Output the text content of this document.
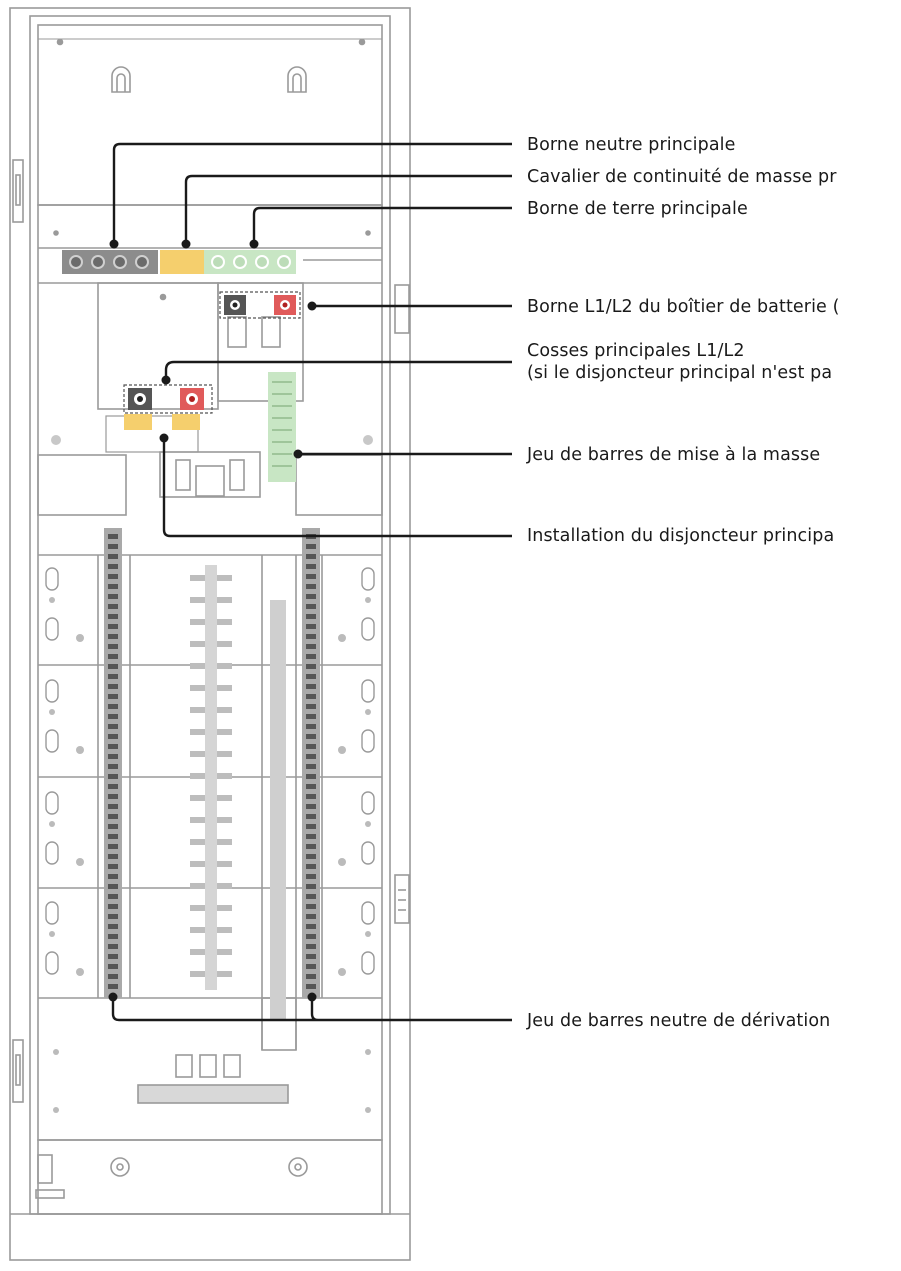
Borne neutre principale

Cavalier de continuité de masse pr

Borne de terre principale

Borne L1/L2 du boîtier de batterie (

Cosses principales L1/L2
(si le disjoncteur principal n'est pa

Jeu de barres de mise à la masse

Installation du disjoncteur principa

Jeu de barres neutre de dérivation
